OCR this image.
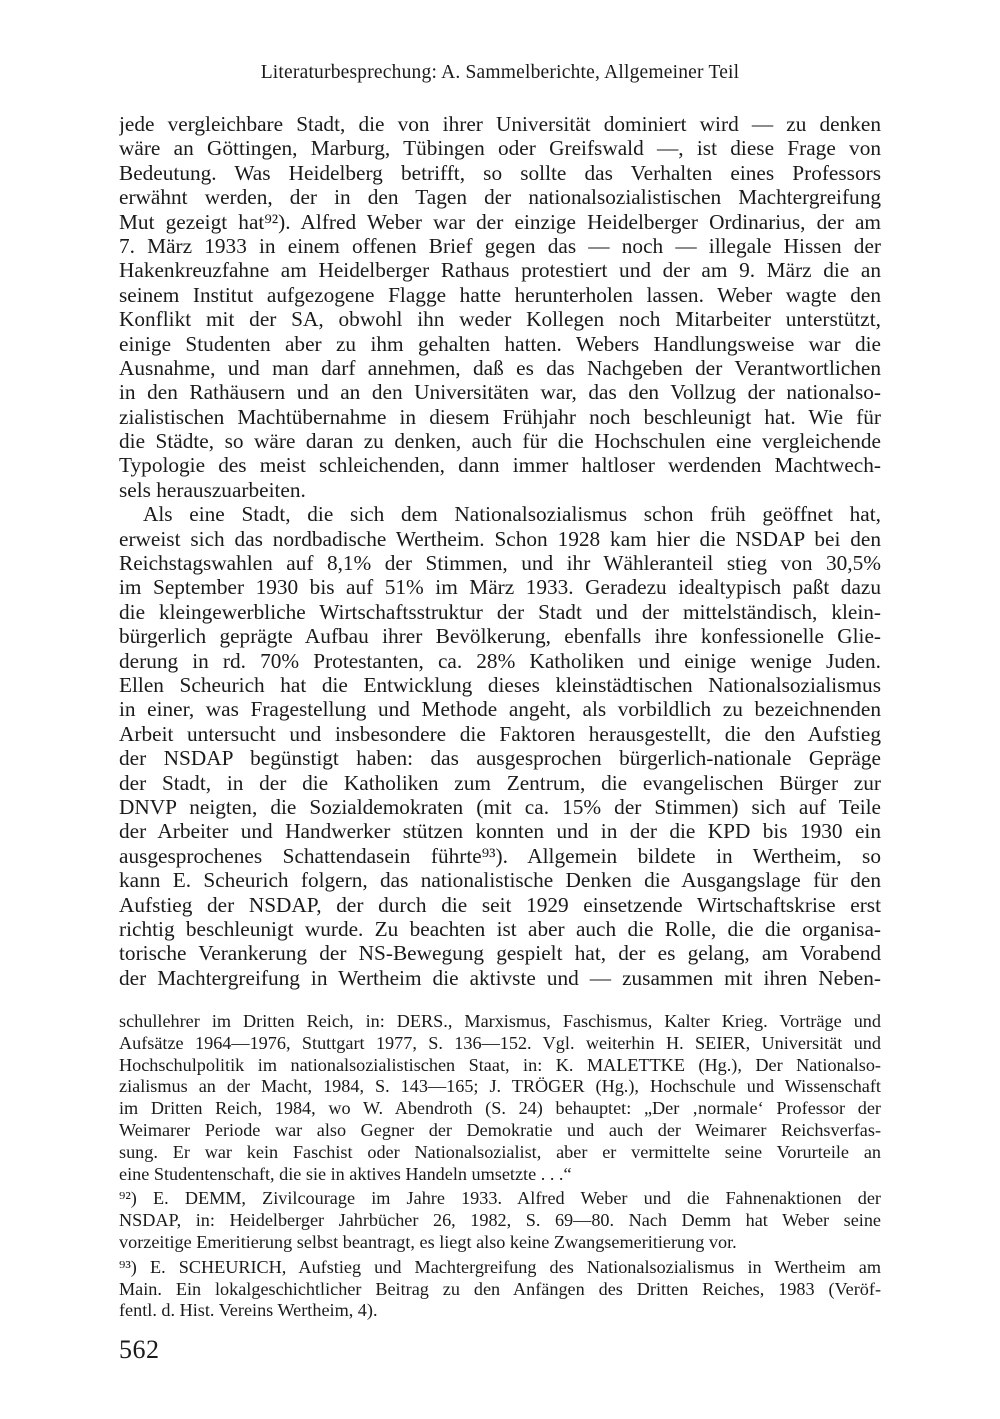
Literaturbesprechung: A. Sammelberichte, Allgemeiner Teil
jede vergleichbare Stadt, die von ihrer Universität dominiert wird — zu denken
wäre an Göttingen, Marburg, Tübingen oder Greifswald —, ist diese Frage von
Bedeutung. Was Heidelberg betrifft, so sollte das Verhalten eines Professors
erwähnt werden, der in den Tagen der nationalsozialistischen Machtergreifung
Mut gezeigt hat⁹²). Alfred Weber war der einzige Heidelberger Ordinarius, der am
7. März 1933 in einem offenen Brief gegen das — noch — illegale Hissen der
Hakenkreuzfahne am Heidelberger Rathaus protestiert und der am 9. März die an
seinem Institut aufgezogene Flagge hatte herunterholen lassen. Weber wagte den
Konflikt mit der SA, obwohl ihn weder Kollegen noch Mitarbeiter unterstützt,
einige Studenten aber zu ihm gehalten hatten. Webers Handlungsweise war die
Ausnahme, und man darf annehmen, daß es das Nachgeben der Verantwortlichen
in den Rathäusern und an den Universitäten war, das den Vollzug der nationalso-
zialistischen Machtübernahme in diesem Frühjahr noch beschleunigt hat. Wie für
die Städte, so wäre daran zu denken, auch für die Hochschulen eine vergleichende
Typologie des meist schleichenden, dann immer haltloser werdenden Machtwech-
sels herauszuarbeiten.
Als eine Stadt, die sich dem Nationalsozialismus schon früh geöffnet hat,
erweist sich das nordbadische Wertheim. Schon 1928 kam hier die NSDAP bei den
Reichstagswahlen auf 8,1% der Stimmen, und ihr Wähleranteil stieg von 30,5%
im September 1930 bis auf 51% im März 1933. Geradezu idealtypisch paßt dazu
die kleingewerbliche Wirtschaftsstruktur der Stadt und der mittelständisch, klein-
bürgerlich geprägte Aufbau ihrer Bevölkerung, ebenfalls ihre konfessionelle Glie-
derung in rd. 70% Protestanten, ca. 28% Katholiken und einige wenige Juden.
Ellen Scheurich hat die Entwicklung dieses kleinstädtischen Nationalsozialismus
in einer, was Fragestellung und Methode angeht, als vorbildlich zu bezeichnenden
Arbeit untersucht und insbesondere die Faktoren herausgestellt, die den Aufstieg
der NSDAP begünstigt haben: das ausgesprochen bürgerlich-nationale Gepräge
der Stadt, in der die Katholiken zum Zentrum, die evangelischen Bürger zur
DNVP neigten, die Sozialdemokraten (mit ca. 15% der Stimmen) sich auf Teile
der Arbeiter und Handwerker stützen konnten und in der die KPD bis 1930 ein
ausgesprochenes Schattendasein führte⁹³). Allgemein bildete in Wertheim, so
kann E. Scheurich folgern, das nationalistische Denken die Ausgangslage für den
Aufstieg der NSDAP, der durch die seit 1929 einsetzende Wirtschaftskrise erst
richtig beschleunigt wurde. Zu beachten ist aber auch die Rolle, die die organisa-
torische Verankerung der NS-Bewegung gespielt hat, der es gelang, am Vorabend
der Machtergreifung in Wertheim die aktivste und — zusammen mit ihren Neben-
schullehrer im Dritten Reich, in: DERS., Marxismus, Faschismus, Kalter Krieg. Vorträge und
Aufsätze 1964—1976, Stuttgart 1977, S. 136—152. Vgl. weiterhin H. SEIER, Universität und
Hochschulpolitik im nationalsozialistischen Staat, in: K. MALETTKE (Hg.), Der Nationalso-
zialismus an der Macht, 1984, S. 143—165; J. TRÖGER (Hg.), Hochschule und Wissenschaft
im Dritten Reich, 1984, wo W. Abendroth (S. 24) behauptet: „Der ‚normale‘ Professor der
Weimarer Periode war also Gegner der Demokratie und auch der Weimarer Reichsverfas-
sung. Er war kein Faschist oder Nationalsozialist, aber er vermittelte seine Vorurteile an
eine Studentenschaft, die sie in aktives Handeln umsetzte . . .“
⁹²) E. DEMM, Zivilcourage im Jahre 1933. Alfred Weber und die Fahnenaktionen der
NSDAP, in: Heidelberger Jahrbücher 26, 1982, S. 69—80. Nach Demm hat Weber seine
vorzeitige Emeritierung selbst beantragt, es liegt also keine Zwangsemeritierung vor.
⁹³) E. SCHEURICH, Aufstieg und Machtergreifung des Nationalsozialismus in Wertheim am
Main. Ein lokalgeschichtlicher Beitrag zu den Anfängen des Dritten Reiches, 1983 (Veröf-
fentl. d. Hist. Vereins Wertheim, 4).
562
